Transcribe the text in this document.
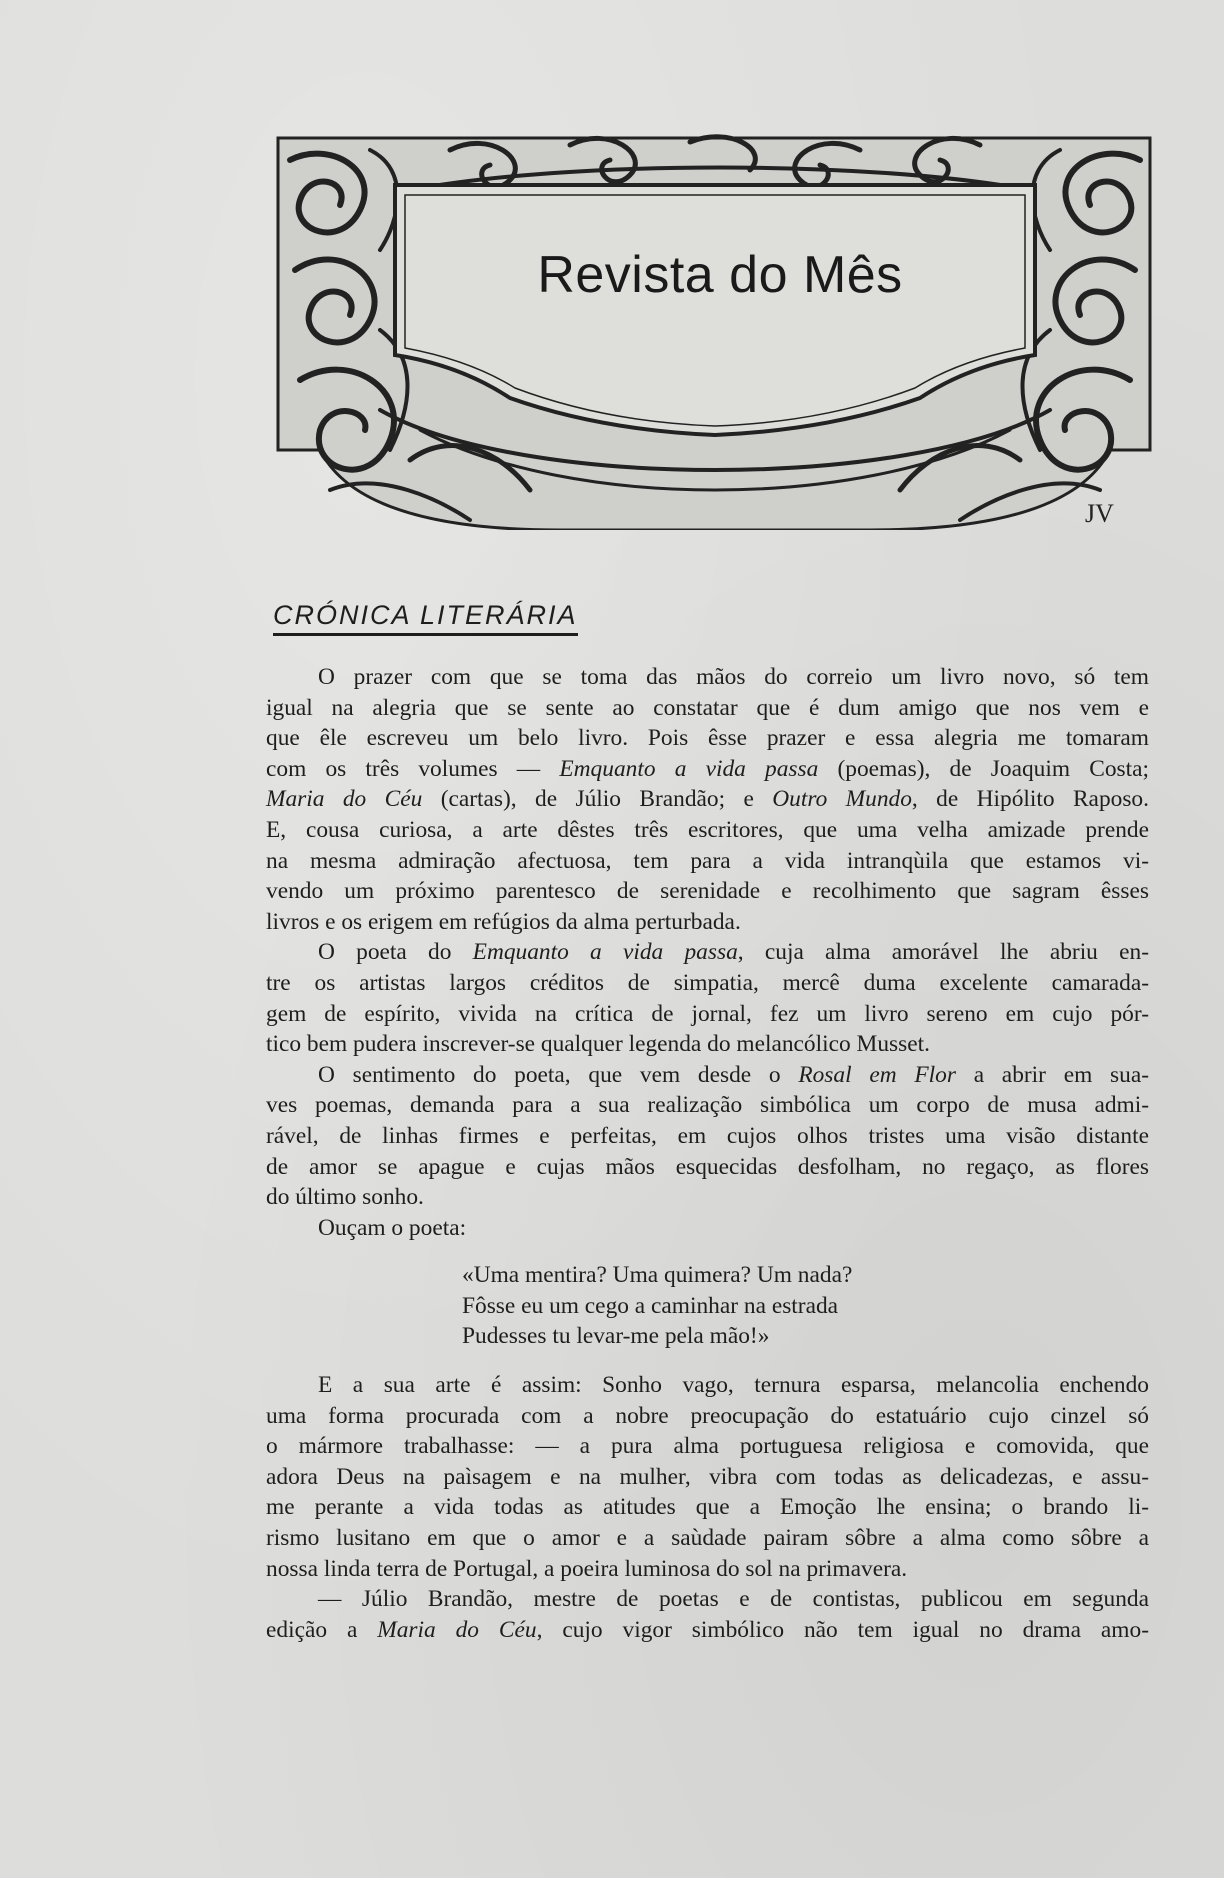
JV
Revista do Mês
CRÓNICA LITERÁRIA
O prazer com que se toma das mãos do correio um livro novo, só tem
igual na alegria que se sente ao constatar que é dum amigo que nos vem e
que êle escreveu um belo livro. Pois êsse prazer e essa alegria me tomaram
com os três volumes — Emquanto a vida passa (poemas), de Joaquim Costa;
Maria do Céu (cartas), de Júlio Brandão; e Outro Mundo, de Hipólito Raposo.
E, cousa curiosa, a arte dêstes três escritores, que uma velha amizade prende
na mesma admiração afectuosa, tem para a vida intranqùila que estamos vi-
vendo um próximo parentesco de serenidade e recolhimento que sagram êsses
livros e os erigem em refúgios da alma perturbada.
O poeta do Emquanto a vida passa, cuja alma amorável lhe abriu en-
tre os artistas largos créditos de simpatia, mercê duma excelente camarada-
gem de espírito, vivida na crítica de jornal, fez um livro sereno em cujo pór-
tico bem pudera inscrever-se qualquer legenda do melancólico Musset.
O sentimento do poeta, que vem desde o Rosal em Flor a abrir em sua-
ves poemas, demanda para a sua realização simbólica um corpo de musa admi-
rável, de linhas firmes e perfeitas, em cujos olhos tristes uma visão distante
de amor se apague e cujas mãos esquecidas desfolham, no regaço, as flores
do último sonho.
Ouçam o poeta:
«Uma mentira? Uma quimera? Um nada?
Fôsse eu um cego a caminhar na estrada
Pudesses tu levar-me pela mão!»
E a sua arte é assim: Sonho vago, ternura esparsa, melancolia enchendo
uma forma procurada com a nobre preocupação do estatuário cujo cinzel só
o mármore trabalhasse: — a pura alma portuguesa religiosa e comovida, que
adora Deus na paìsagem e na mulher, vibra com todas as delicadezas, e assu-
me perante a vida todas as atitudes que a Emoção lhe ensina; o brando li-
rismo lusitano em que o amor e a saùdade pairam sôbre a alma como sôbre a
nossa linda terra de Portugal, a poeira luminosa do sol na primavera.
— Júlio Brandão, mestre de poetas e de contistas, publicou em segunda
edição a Maria do Céu, cujo vigor simbólico não tem igual no drama amo-
